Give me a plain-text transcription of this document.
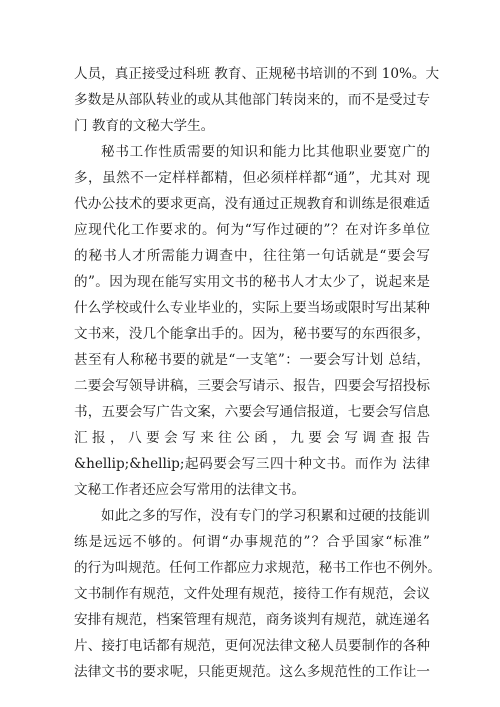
人员，真正接受过科班 教育、正规秘书培训的不到 10%。大
多数是从部队转业的或从其他部门转岗来的，而不是受过专
门 教育的文秘大学生。
秘书工作性质需要的知识和能力比其他职业要宽广的
多，虽然不一定样样都精，但必须样样都“通”，尤其对 现
代办公技术的要求更高，没有通过正规教育和训练是很难适
应现代化工作要求的。何为“写作过硬的”？在对许多单位
的秘书人才所需能力调查中，往往第一句话就是“要会写
的”。因为现在能写实用文书的秘书人才太少了，说起来是
什么学校或什么专业毕业的，实际上要当场或限时写出某种
文书来，没几个能拿出手的。因为，秘书要写的东西很多，
甚至有人称秘书要的就是“一支笔”：一要会写计划 总结，
二要会写领导讲稿，三要会写请示、报告，四要会写招投标
书，五要会写广告文案，六要会写通信报道，七要会写信息
汇报，八要会写来往公函，九要会写调查报告
&hellip;&hellip;起码要会写三四十种文书。而作为 法律
文秘工作者还应会写常用的法律文书。
如此之多的写作，没有专门的学习积累和过硬的技能训
练是远远不够的。何谓“办事规范的”？合乎国家“标准”
的行为叫规范。任何工作都应力求规范，秘书工作也不例外。
文书制作有规范，文件处理有规范，接待工作有规范，会议
安排有规范，档案管理有规范，商务谈判有规范，就连递名
片、接打电话都有规范，更何况法律文秘人员要制作的各种
法律文书的要求呢，只能更规范。这么多规范性的工作让一
